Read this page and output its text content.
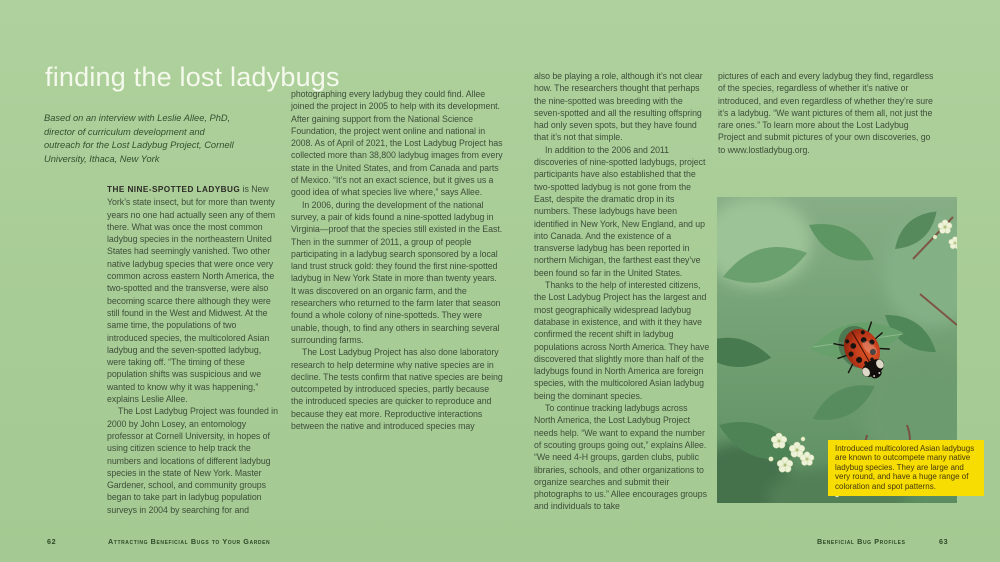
finding the lost ladybugs

Based on an interview with Leslie Allee, PhD, director of curriculum development and outreach for the Lost Ladybug Project, Cornell University, Ithaca, New York

THE NINE-SPOTTED LADYBUG is New York’s state insect, but for more than twenty years no one had actually seen any of them there. What was once the most common ladybug species in the northeastern United States had seemingly vanished. Two other native ladybug species that were once very common across eastern North America, the two-spotted and the transverse, were also becoming scarce there although they were still found in the West and Midwest. At the same time, the populations of two introduced species, the multicolored Asian ladybug and the seven-spotted ladybug, were taking off. “The timing of these population shifts was suspicious and we wanted to know why it was happening,” explains Leslie Allee.

The Lost Ladybug Project was founded in 2000 by John Losey, an entomology professor at Cornell University, in hopes of using citizen science to help track the numbers and locations of different ladybug species in the state of New York. Master Gardener, school, and community groups began to take part in ladybug population surveys in 2004 by searching for and

photographing every ladybug they could find. Allee joined the project in 2005 to help with its development. After gaining support from the National Science Foundation, the project went online and national in 2008. As of April of 2021, the Lost Ladybug Project has collected more than 38,800 ladybug images from every state in the United States, and from Canada and parts of Mexico. “It’s not an exact science, but it gives us a good idea of what species live where,” says Allee.

In 2006, during the development of the national survey, a pair of kids found a nine-spotted ladybug in Virginia—proof that the species still existed in the East. Then in the summer of 2011, a group of people participating in a ladybug search sponsored by a local land trust struck gold: they found the first nine-spotted ladybug in New York State in more than twenty years. It was discovered on an organic farm, and the researchers who returned to the farm later that season found a whole colony of nine-spotteds. They were unable, though, to find any others in searching several surrounding farms.

The Lost Ladybug Project has also done laboratory research to help determine why native species are in decline. The tests confirm that native species are being outcompeted by introduced species, partly because the introduced species are quicker to reproduce and because they eat more. Reproductive interactions between the native and introduced species may

also be playing a role, although it’s not clear how. The researchers thought that perhaps the nine-spotted was breeding with the seven-spotted and all the resulting offspring had only seven spots, but they have found that it’s not that simple.

In addition to the 2006 and 2011 discoveries of nine-spotted ladybugs, project participants have also established that the two-spotted ladybug is not gone from the East, despite the dramatic drop in its numbers. These ladybugs have been identified in New York, New England, and up into Canada. And the existence of a transverse ladybug has been reported in northern Michigan, the farthest east they’ve been found so far in the United States.

Thanks to the help of interested citizens, the Lost Ladybug Project has the largest and most geographically widespread ladybug database in existence, and with it they have confirmed the recent shift in ladybug populations across North America. They have discovered that slightly more than half of the ladybugs found in North America are foreign species, with the multicolored Asian ladybug being the dominant species.

To continue tracking ladybugs across North America, the Lost Ladybug Project needs help. “We want to expand the number of scouting groups going out,” explains Allee. “We need 4-H groups, garden clubs, public libraries, schools, and other organizations to organize searches and submit their photographs to us.” Allee encourages groups and individuals to take

pictures of each and every ladybug they find, regardless of the species, regardless of whether it’s native or introduced, and even regardless of whether they’re sure it’s a ladybug. “We want pictures of them all, not just the rare ones.” To learn more about the Lost Ladybug Project and submit pictures of your own discoveries, go to www.lostladybug.org.

Introduced multicolored Asian ladybugs are known to outcompete many native ladybug species. They are large and very round, and have a huge range of coloration and spot patterns.
62	Attracting Beneficial Bugs to Your Garden	Beneficial Bug Profiles	63
